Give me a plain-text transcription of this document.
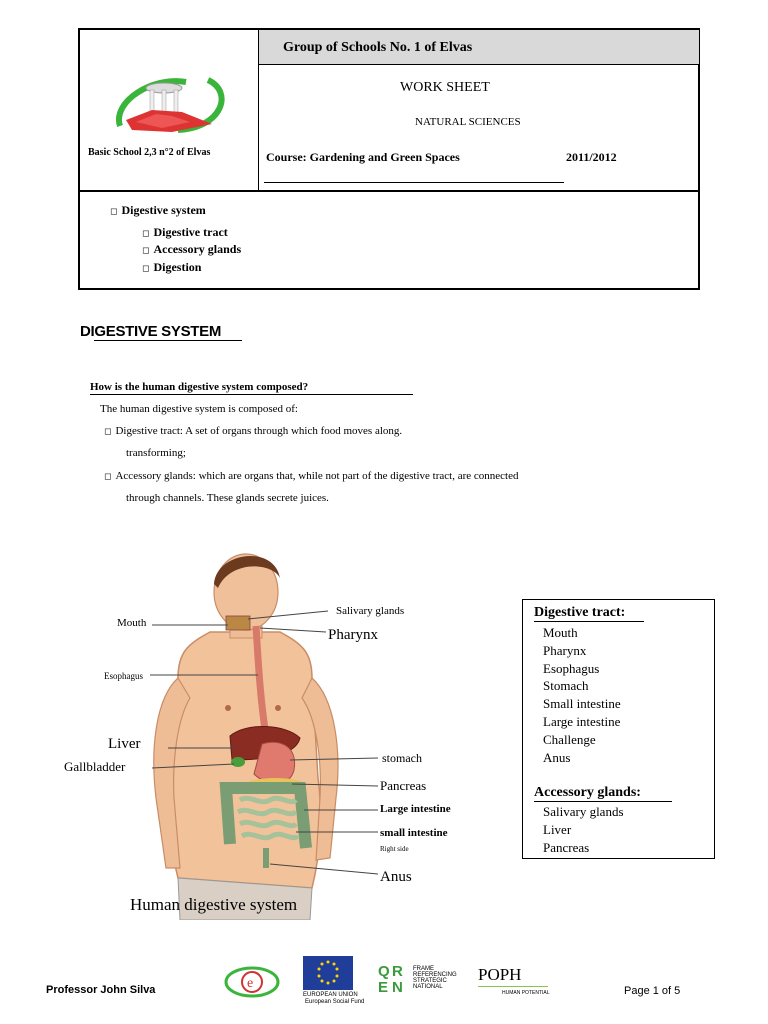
Group of Schools No. 1 of Elvas
WORK SHEET
NATURAL SCIENCES
Course: Gardening and Green Spaces	2011/2012
Basic School 2,3 n°2 of Elvas
◻ Digestive system
◻ Digestive tract
◻ Accessory glands
◻ Digestion
DIGESTIVE SYSTEM
How is the human digestive system composed?
The human digestive system is composed of:
◻ Digestive tract: A set of organs through which food moves along.
transforming;
◻ Accessory glands: which are organs that, while not part of the digestive tract, are connected
through channels. These glands secrete juices.
Salivary glands
Mouth
Pharynx
Esophagus
Liver
Gallbladder
stomach
Pancreas
Large intestine
small intestine
Right side
Anus
Human digestive system
Digestive tract:
Mouth
Pharynx
Esophagus
Stomach
Small intestine
Large intestine
Challenge
Anus
Accessory glands:
Salivary glands
Liver
Pancreas
Professor John Silva	Page 1 of 5
e
EUROPEAN UNION
European Social Fund
Q R
E N
FRAME
REFERENCING
STRATEGIC
NATIONAL
POPH
HUMAN POTENTIAL
